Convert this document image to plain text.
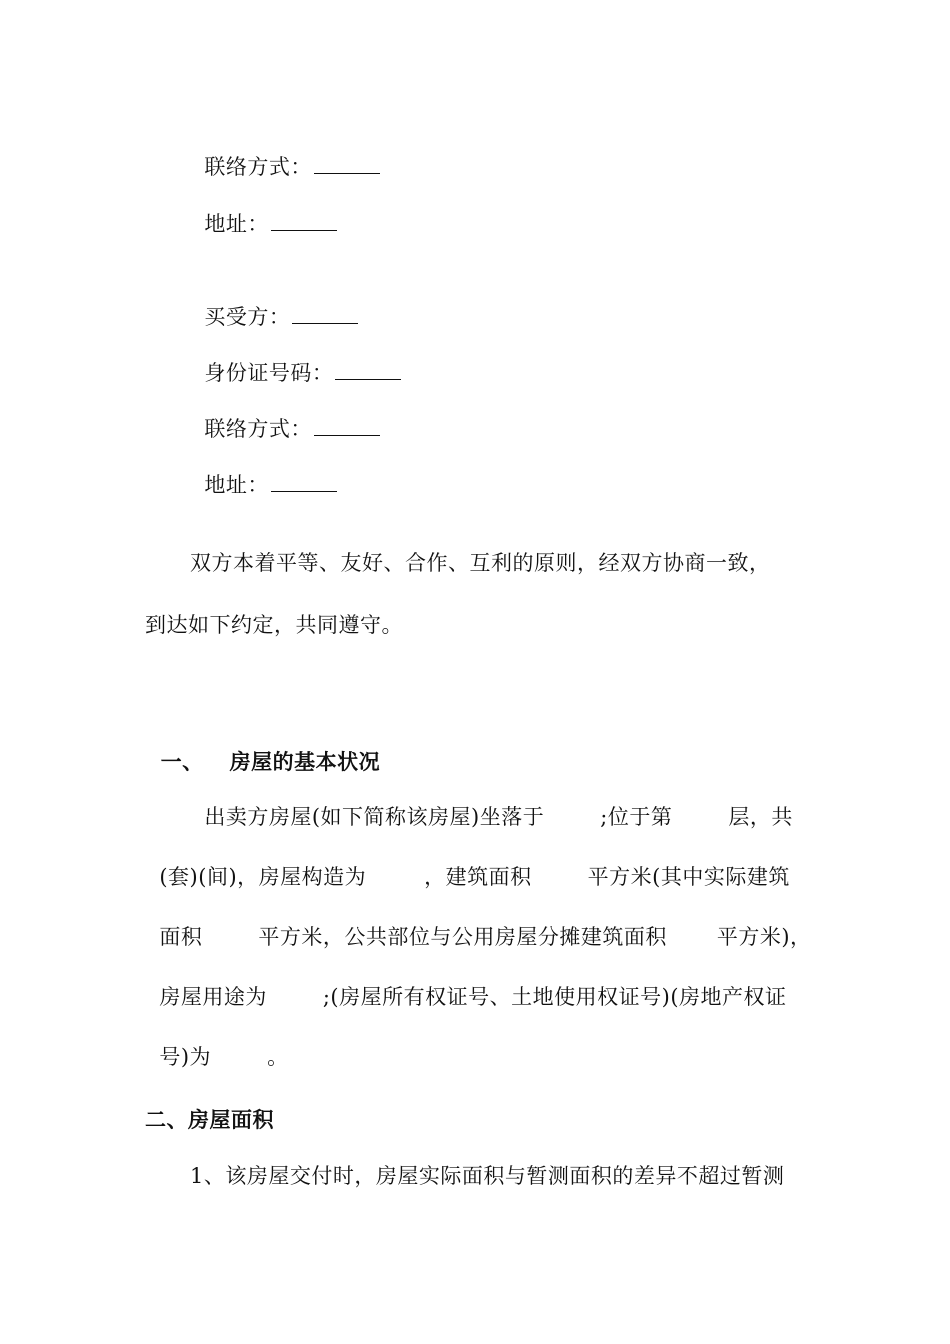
联络方式：

地址：

买受方：

身份证号码：

联络方式：

地址：

双方本着平等、友好、合作、互利的原则，经双方协商一致，
到达如下约定，共同遵守。

一、 房屋的基本状况

出卖方房屋(如下简称该房屋)坐落于	;位于第	层，共

(套)(间)，房屋构造为	，建筑面积	平方米(其中实际建筑

面积	平方米，公共部位与公用房屋分摊建筑面积 平方米)，

房屋用途为	;(房屋所有权证号、土地使用权证号)(房地产权证

号)为	。

二、房屋面积
1、该房屋交付时，房屋实际面积与暂测面积的差异不超过暂测
